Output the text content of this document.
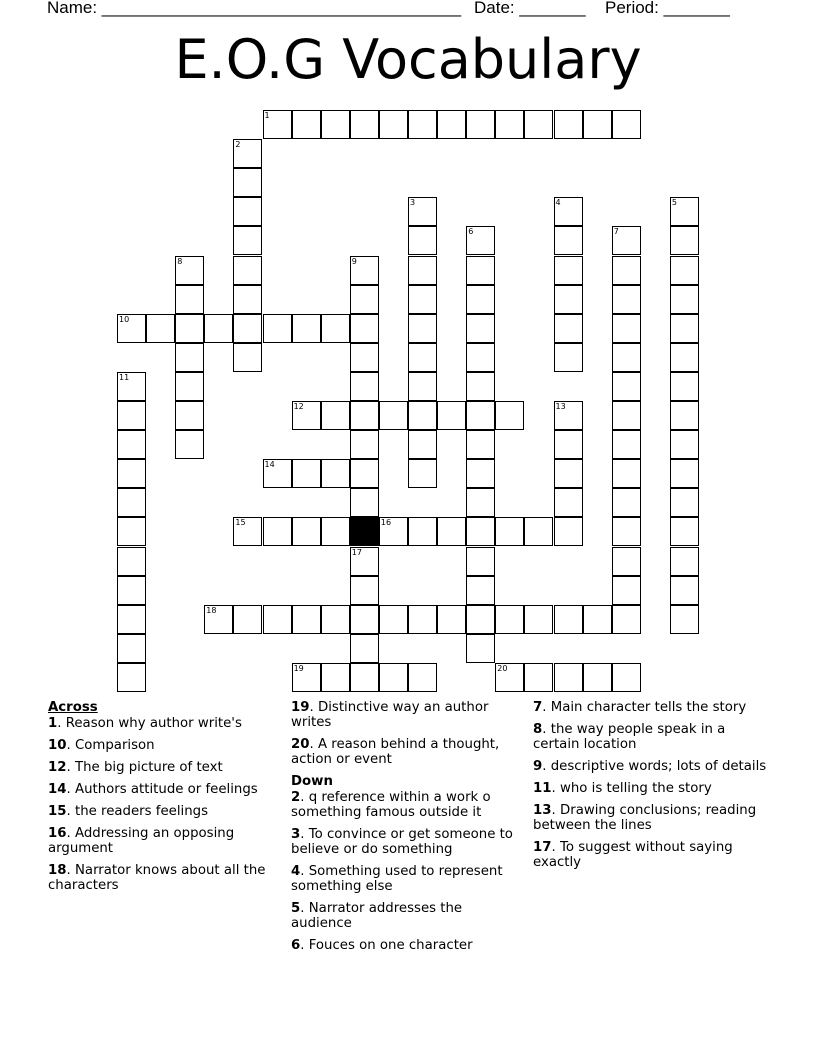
Name: ______________________________________ Date: _______ Period: _______
E.O.G Vocabulary
1
2
3	4	5
6	7
8	9
10
11
12	13
14
15	16
17
18
19	20
Across
1. Reason why author write's
10. Comparison
12. The big picture of text
14. Authors attitude or feelings
15. the readers feelings
16. Addressing an opposing argument
18. Narrator knows about all the characters
19. Distinctive way an author writes
20. A reason behind a thought, action or event
Down
2. q reference within a work o something famous outside it
3. To convince or get someone to believe or do something
4. Something used to represent something else
5. Narrator addresses the audience
6. Fouces on one character
7. Main character tells the story
8. the way people speak in a certain location
9. descriptive words; lots of details
11. who is telling the story
13. Drawing conclusions; reading between the lines
17. To suggest without saying exactly
